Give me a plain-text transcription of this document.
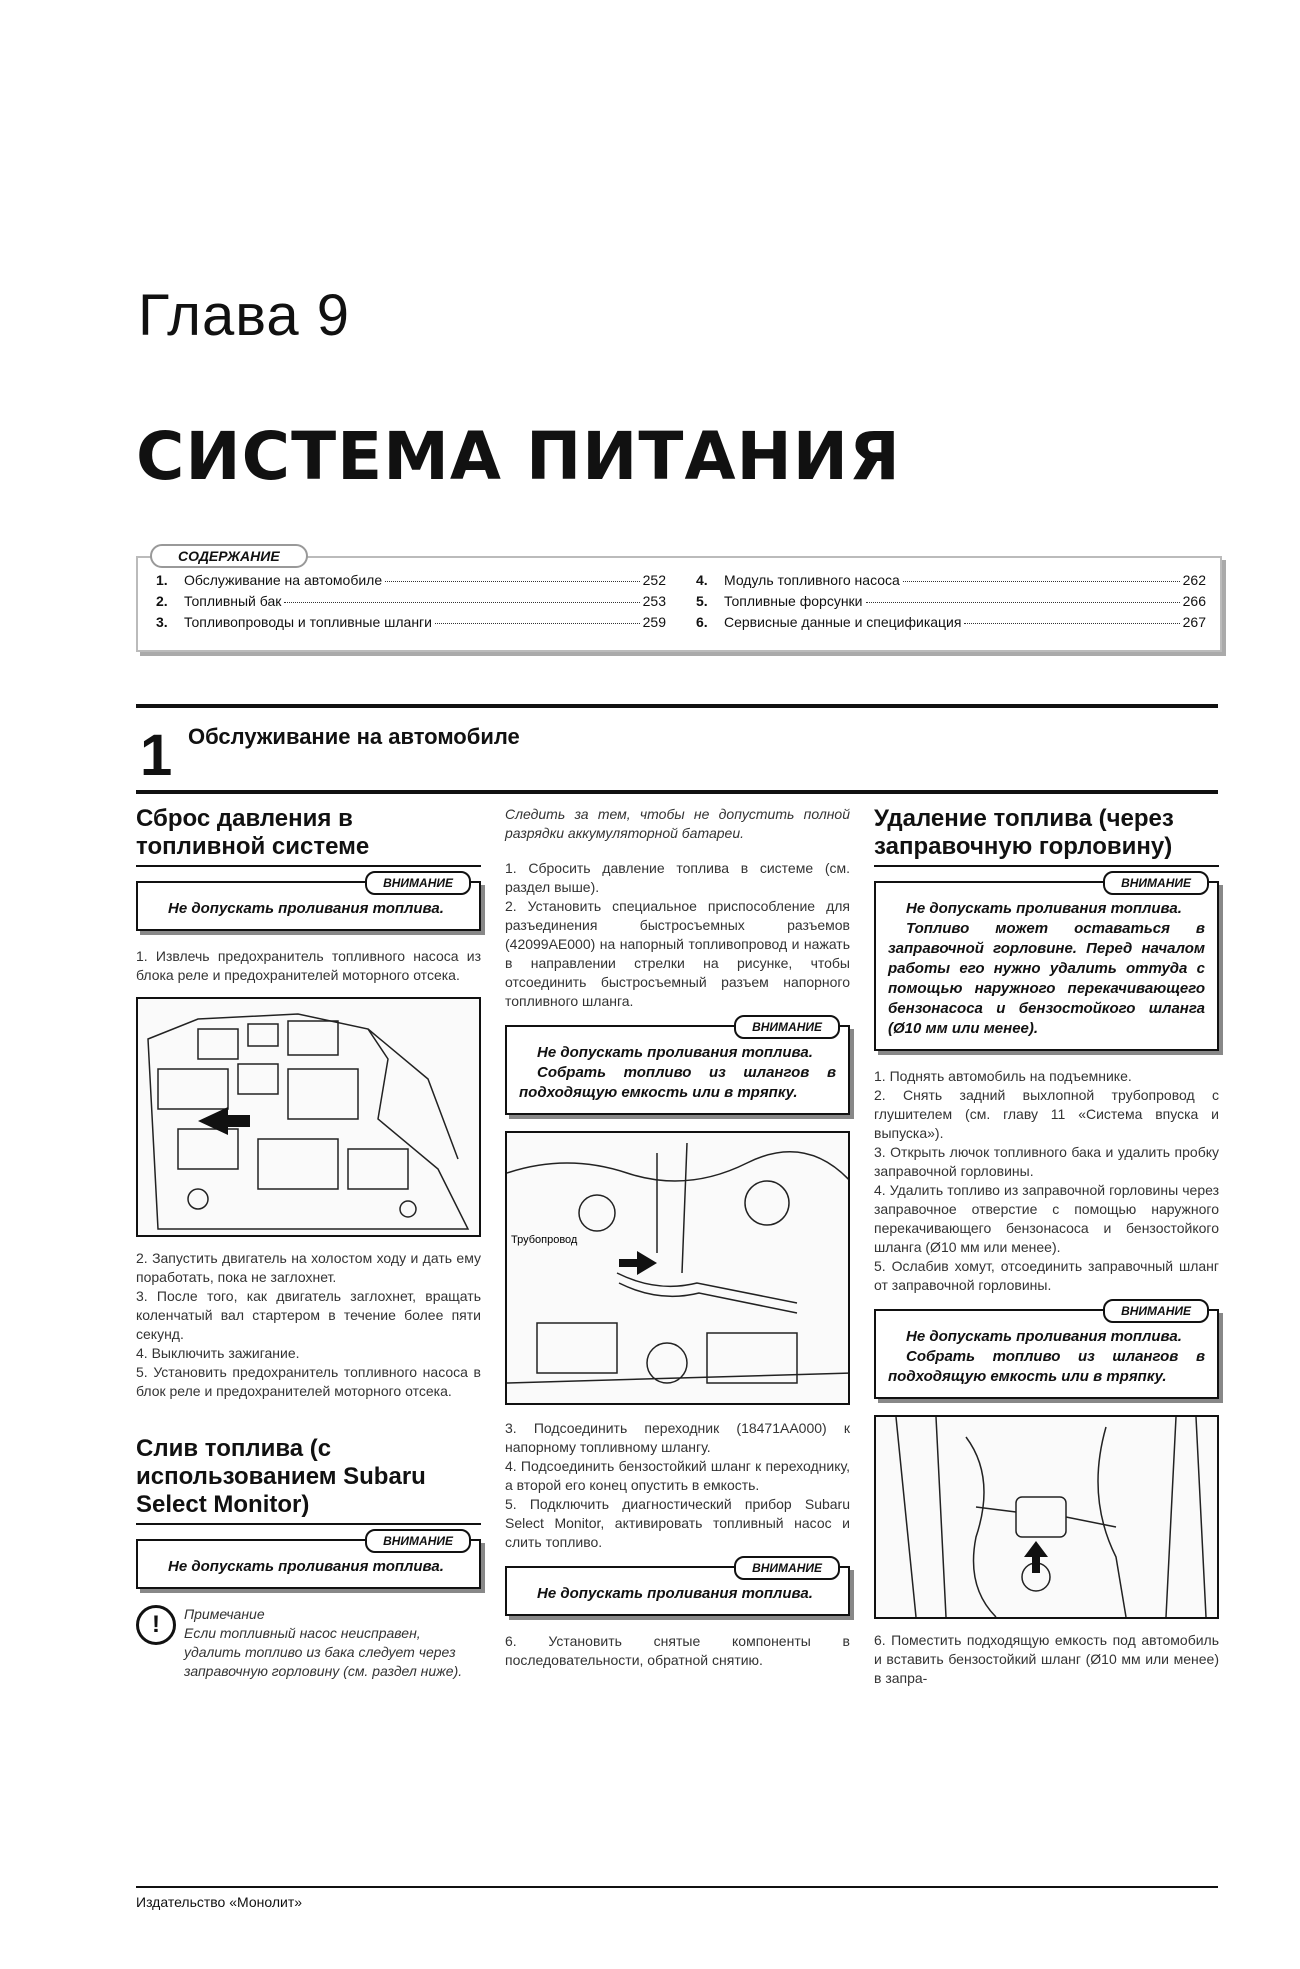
Глава 9
СИСТЕМА ПИТАНИЯ
1.	Обслуживание на автомобиле	252
2.	Топливный бак	253
3.	Топливопроводы и топливные шланги	259
4.	Модуль топливного насоса	262
5.	Топливные форсунки	266
6.	Сервисные данные и спецификация	267
СОДЕРЖАНИЕ
1 Обслуживание на автомобиле
Сброс давления в топливной системе
ВНИМАНИЕ

Не допускать проливания топлива.

1. Извлечь предохранитель топливного насоса из блока реле и предохранителей моторного отсека.

2. Запустить двигатель на холостом ходу и дать ему поработать, пока не заглохнет.

3. После того, как двигатель заглохнет, вращать коленчатый вал стартером в течение более пяти секунд.

4. Выключить зажигание.

5. Установить предохранитель топливного насоса в блок реле и предохранителей моторного отсека.

Слив топлива (с использованием Subaru Select Monitor)
ВНИМАНИЕ

Не допускать проливания топлива.

!	Примечание
Если топливный насос неисправен, удалить топливо из бака следует через заправочную горловину (см. раздел ниже).

Следить за тем, чтобы не допустить полной разрядки аккумуляторной батареи.

1. Сбросить давление топлива в системе (см. раздел выше).

2. Установить специальное приспособление для разъединения быстросъемных разъемов (42099AE000) на напорный топливопровод и нажать в направлении стрелки на рисунке, чтобы отсоединить быстросъемный разъем напорного топливного шланга.

ВНИМАНИЕ

Не допускать проливания топлива.

Собрать топливо из шлангов в подходящую емкость или в тряпку.

Трубопровод

3. Подсоединить переходник (18471AA000) к напорному топливному шлангу.

4. Подсоединить бензостойкий шланг к переходнику, а второй его конец опустить в емкость.

5. Подключить диагностический прибор Subaru Select Monitor, активировать топливный насос и слить топливо.

ВНИМАНИЕ

Не допускать проливания топлива.

6. Установить снятые компоненты в последовательности, обратной снятию.

Удаление топлива (через заправочную горловину)
ВНИМАНИЕ

Не допускать проливания топлива.

Топливо может оставаться в заправочной горловине. Перед началом работы его нужно удалить оттуда с помощью наружного перекачивающего бензонасоса и бензостойкого шланга (Ø10 мм или менее).

1. Поднять автомобиль на подъемнике.

2. Снять задний выхлопной трубопровод с глушителем (см. главу 11 «Система впуска и выпуска»).

3. Открыть лючок топливного бака и удалить пробку заправочной горловины.

4. Удалить топливо из заправочной горловины через заправочное отверстие с помощью наружного перекачивающего бензонасоса и бензостойкого шланга (Ø10 мм или менее).

5. Ослабив хомут, отсоединить заправочный шланг от заправочной горловины.

ВНИМАНИЕ

Не допускать проливания топлива.

Собрать топливо из шлангов в подходящую емкость или в тряпку.

6. Поместить подходящую емкость под автомобиль и вставить бензостойкий шланг (Ø10 мм или менее) в запра-

Издательство «Монолит»
